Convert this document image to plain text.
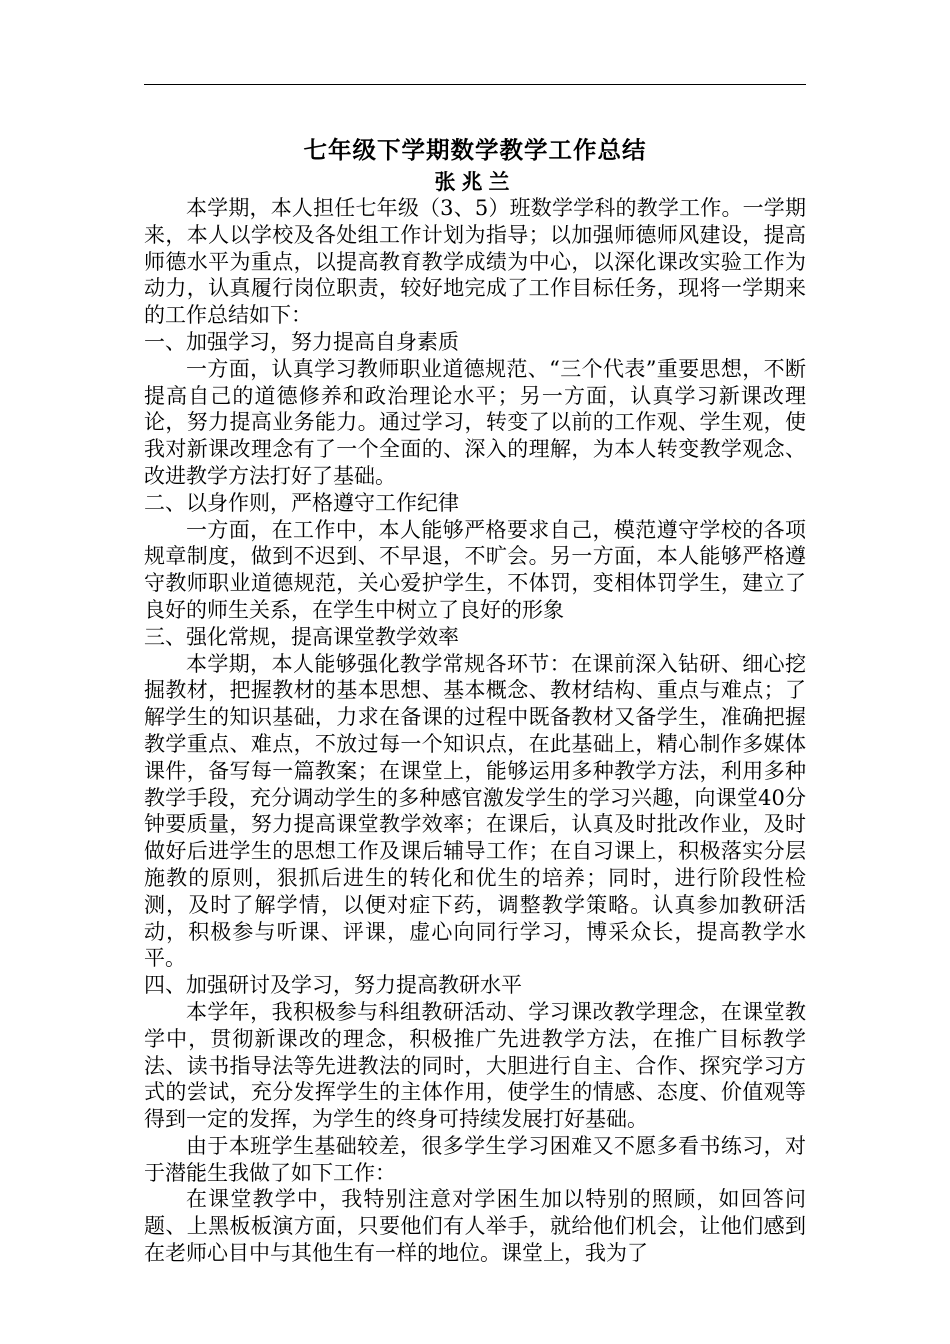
七年级下学期数学教学工作总结
张兆兰
本学期，本人担任七年级（3、5）班数学学科的教学工作。一学期来，本人以学校及各处组工作计划为指导；以加强师德师风建设，提高师德水平为重点，以提高教育教学成绩为中心，以深化课改实验工作为动力，认真履行岗位职责，较好地完成了工作目标任务，现将一学期来的工作总结如下：
一、加强学习，努力提高自身素质
一方面，认真学习教师职业道德规范、“三个代表”重要思想，不断提高自己的道德修养和政治理论水平；另一方面，认真学习新课改理论，努力提高业务能力。通过学习，转变了以前的工作观、学生观，使我对新课改理念有了一个全面的、深入的理解，为本人转变教学观念、改进教学方法打好了基础。
二、以身作则，严格遵守工作纪律
一方面，在工作中，本人能够严格要求自己，模范遵守学校的各项规章制度，做到不迟到、不早退，不旷会。另一方面，本人能够严格遵守教师职业道德规范，关心爱护学生，不体罚，变相体罚学生，建立了良好的师生关系，在学生中树立了良好的形象
三、强化常规，提高课堂教学效率
本学期，本人能够强化教学常规各环节：在课前深入钻研、细心挖掘教材，把握教材的基本思想、基本概念、教材结构、重点与难点；了解学生的知识基础，力求在备课的过程中既备教材又备学生，准确把握教学重点、难点，不放过每一个知识点，在此基础上，精心制作多媒体课件，备写每一篇教案；在课堂上，能够运用多种教学方法，利用多种教学手段，充分调动学生的多种感官激发学生的学习兴趣，向课堂40分钟要质量，努力提高课堂教学效率；在课后，认真及时批改作业，及时做好后进学生的思想工作及课后辅导工作；在自习课上，积极落实分层施教的原则，狠抓后进生的转化和优生的培养；同时，进行阶段性检测，及时了解学情，以便对症下药，调整教学策略。认真参加教研活动，积极参与听课、评课，虚心向同行学习，博采众长，提高教学水平。
四、加强研讨及学习，努力提高教研水平
本学年，我积极参与科组教研活动、学习课改教学理念，在课堂教学中，贯彻新课改的理念，积极推广先进教学方法，在推广目标教学法、读书指导法等先进教法的同时，大胆进行自主、合作、探究学习方式的尝试，充分发挥学生的主体作用，使学生的情感、态度、价值观等得到一定的发挥，为学生的终身可持续发展打好基础。
由于本班学生基础较差，很多学生学习困难又不愿多看书练习，对于潜能生我做了如下工作：
在课堂教学中，我特别注意对学困生加以特别的照顾，如回答问题、上黑板板演方面，只要他们有人举手，就给他们机会，让他们感到在老师心目中与其他生有一样的地位。课堂上，我为了
